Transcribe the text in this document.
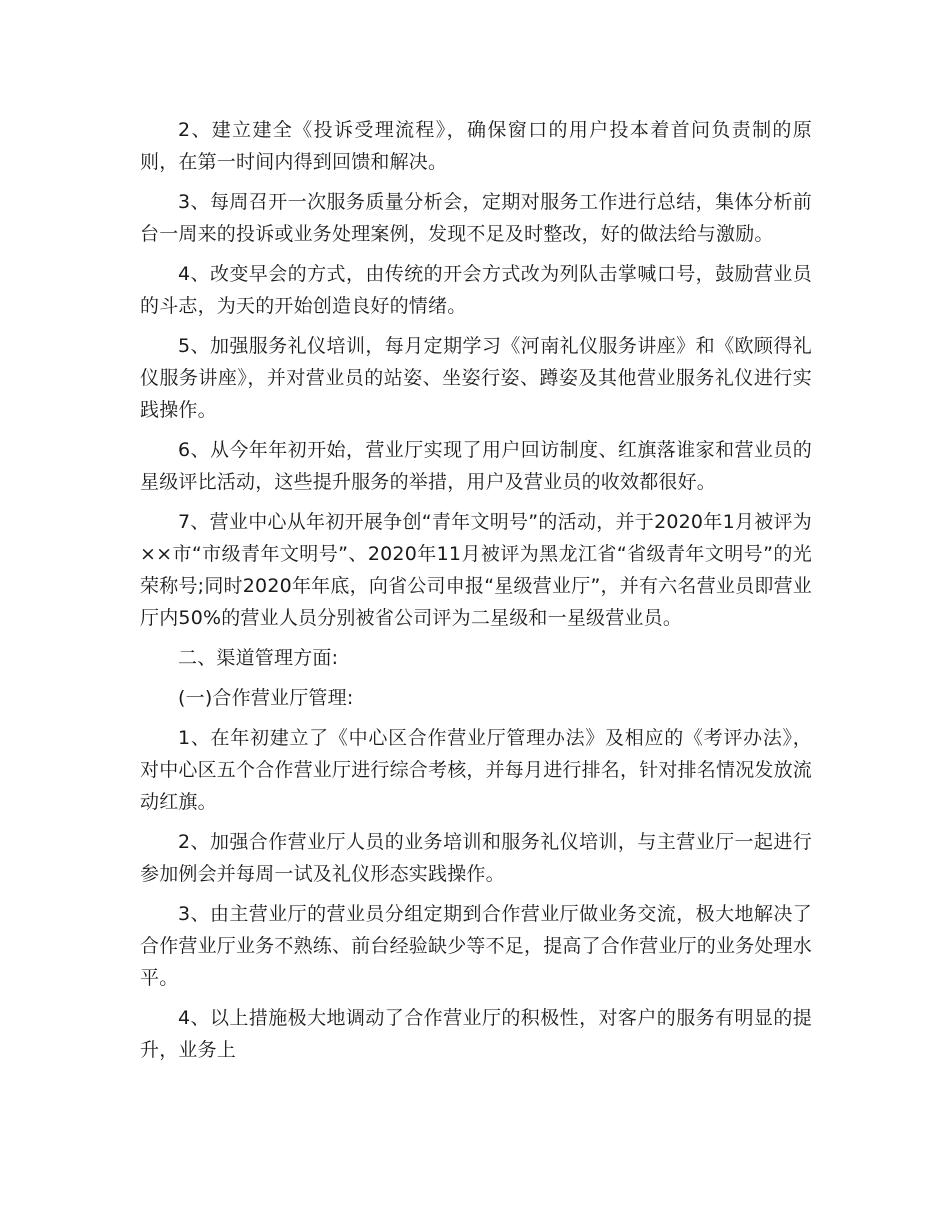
2、建立建全《投诉受理流程》，确保窗口的用户投本着首问负责制的原则，在第一时间内得到回馈和解决。

3、每周召开一次服务质量分析会，定期对服务工作进行总结，集体分析前台一周来的投诉或业务处理案例，发现不足及时整改，好的做法给与激励。

4、改变早会的方式，由传统的开会方式改为列队击掌喊口号，鼓励营业员的斗志，为天的开始创造良好的情绪。

5、加强服务礼仪培训，每月定期学习《河南礼仪服务讲座》和《欧顾得礼仪服务讲座》，并对营业员的站姿、坐姿行姿、蹲姿及其他营业服务礼仪进行实践操作。

6、从今年年初开始，营业厅实现了用户回访制度、红旗落谁家和营业员的星级评比活动，这些提升服务的举措，用户及营业员的收效都很好。

7、营业中心从年初开展争创“青年文明号”的活动，并于2020年1月被评为××市“市级青年文明号”、2020年11月被评为黑龙江省“省级青年文明号”的光荣称号;同时2020年年底，向省公司申报“星级营业厅”，并有六名营业员即营业厅内50%的营业人员分别被省公司评为二星级和一星级营业员。

二、渠道管理方面:

(一)合作营业厅管理:

1、在年初建立了《中心区合作营业厅管理办法》及相应的《考评办法》，对中心区五个合作营业厅进行综合考核，并每月进行排名，针对排名情况发放流动红旗。

2、加强合作营业厅人员的业务培训和服务礼仪培训，与主营业厅一起进行参加例会并每周一试及礼仪形态实践操作。

3、由主营业厅的营业员分组定期到合作营业厅做业务交流，极大地解决了合作营业厅业务不熟练、前台经验缺少等不足，提高了合作营业厅的业务处理水平。

4、以上措施极大地调动了合作营业厅的积极性，对客户的服务有明显的提升，业务上
